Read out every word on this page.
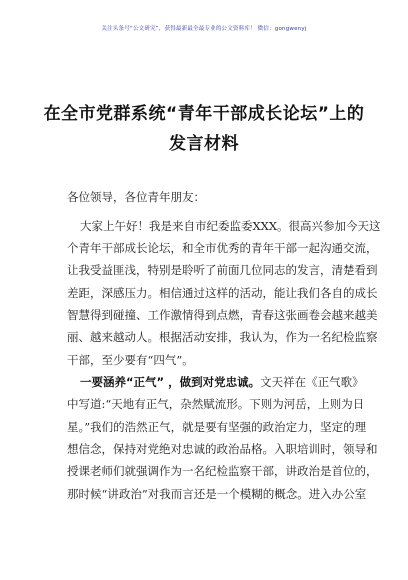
关注头条号“公文研究”，获得最新最全最专业的公文资料库！ 微信：gongwenyj
在全市党群系统“青年干部成长论坛”上的
发言材料
各位领导，各位青年朋友：
大家上午好！我是来自市纪委监委XXX。很高兴参加今天这
个青年干部成长论坛，和全市优秀的青年干部一起沟通交流，
让我受益匪浅，特别是聆听了前面几位同志的发言，清楚看到
差距，深感压力。相信通过这样的活动，能让我们各自的成长
智慧得到碰撞、工作激情得到点燃，青春这张画卷会越来越美
丽、越来越动人。根据活动安排，我认为，作为一名纪检监察
干部，至少要有“四气”。
一要涵养“正气” ，做到对党忠诚。文天祥在《正气歌》
中写道:“天地有正气，杂然赋流形。下则为河岳，上则为日
星。”我们的浩然正气，就是要有坚强的政治定力，坚定的理
想信念，保持对党绝对忠诚的政治品格。入职培训时，领导和
授课老师们就强调作为一名纪检监察干部，讲政治是首位的，
那时候“讲政治”对我而言还是一个模糊的概念。进入办公室
